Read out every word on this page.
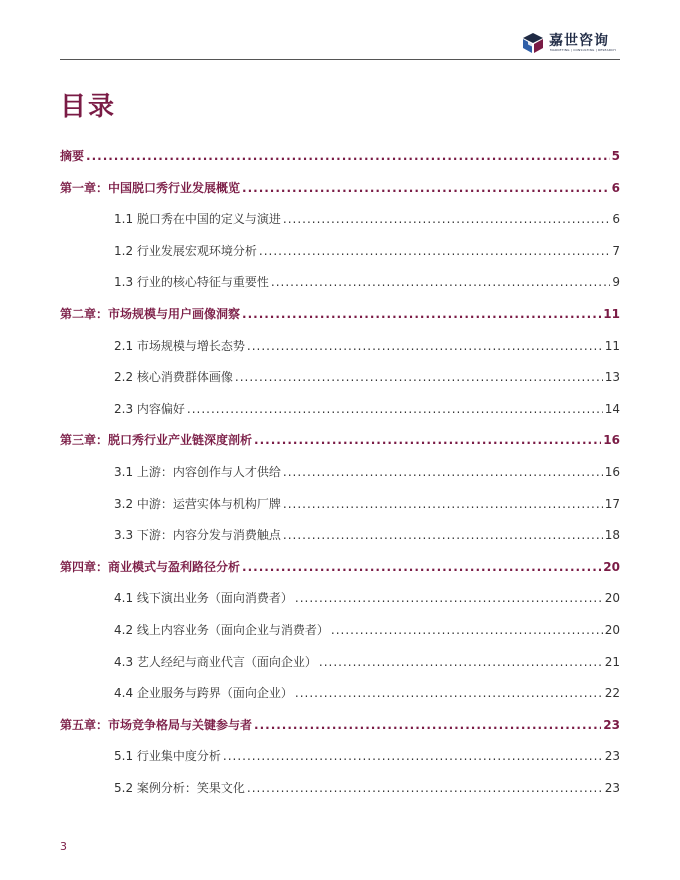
嘉世咨询
MARKETING | CONSULTING | RESEARCH
目录
摘要 .....	5
第一章：中国脱口秀行业发展概览 .....	6
1.1 脱口秀在中国的定义与演进 .....	6
1.2 行业发展宏观环境分析 .....	7
1.3 行业的核心特征与重要性 .....	9
第二章：市场规模与用户画像洞察 .....	11
2.1 市场规模与增长态势 .....	11
2.2 核心消费群体画像 .....	13
2.3 内容偏好 .....	14
第三章：脱口秀行业产业链深度剖析 .....	16
3.1 上游：内容创作与人才供给 .....	16
3.2 中游：运营实体与机构厂牌 .....	17
3.3 下游：内容分发与消费触点 .....	18
第四章：商业模式与盈利路径分析 .....	20
4.1 线下演出业务（面向消费者） .....	20
4.2 线上内容业务（面向企业与消费者） .....	20
4.3 艺人经纪与商业代言（面向企业） .....	21
4.4 企业服务与跨界（面向企业） .....	22
第五章：市场竞争格局与关键参与者 .....	23
5.1 行业集中度分析 .....	23
5.2 案例分析：笑果文化 .....	23
3
